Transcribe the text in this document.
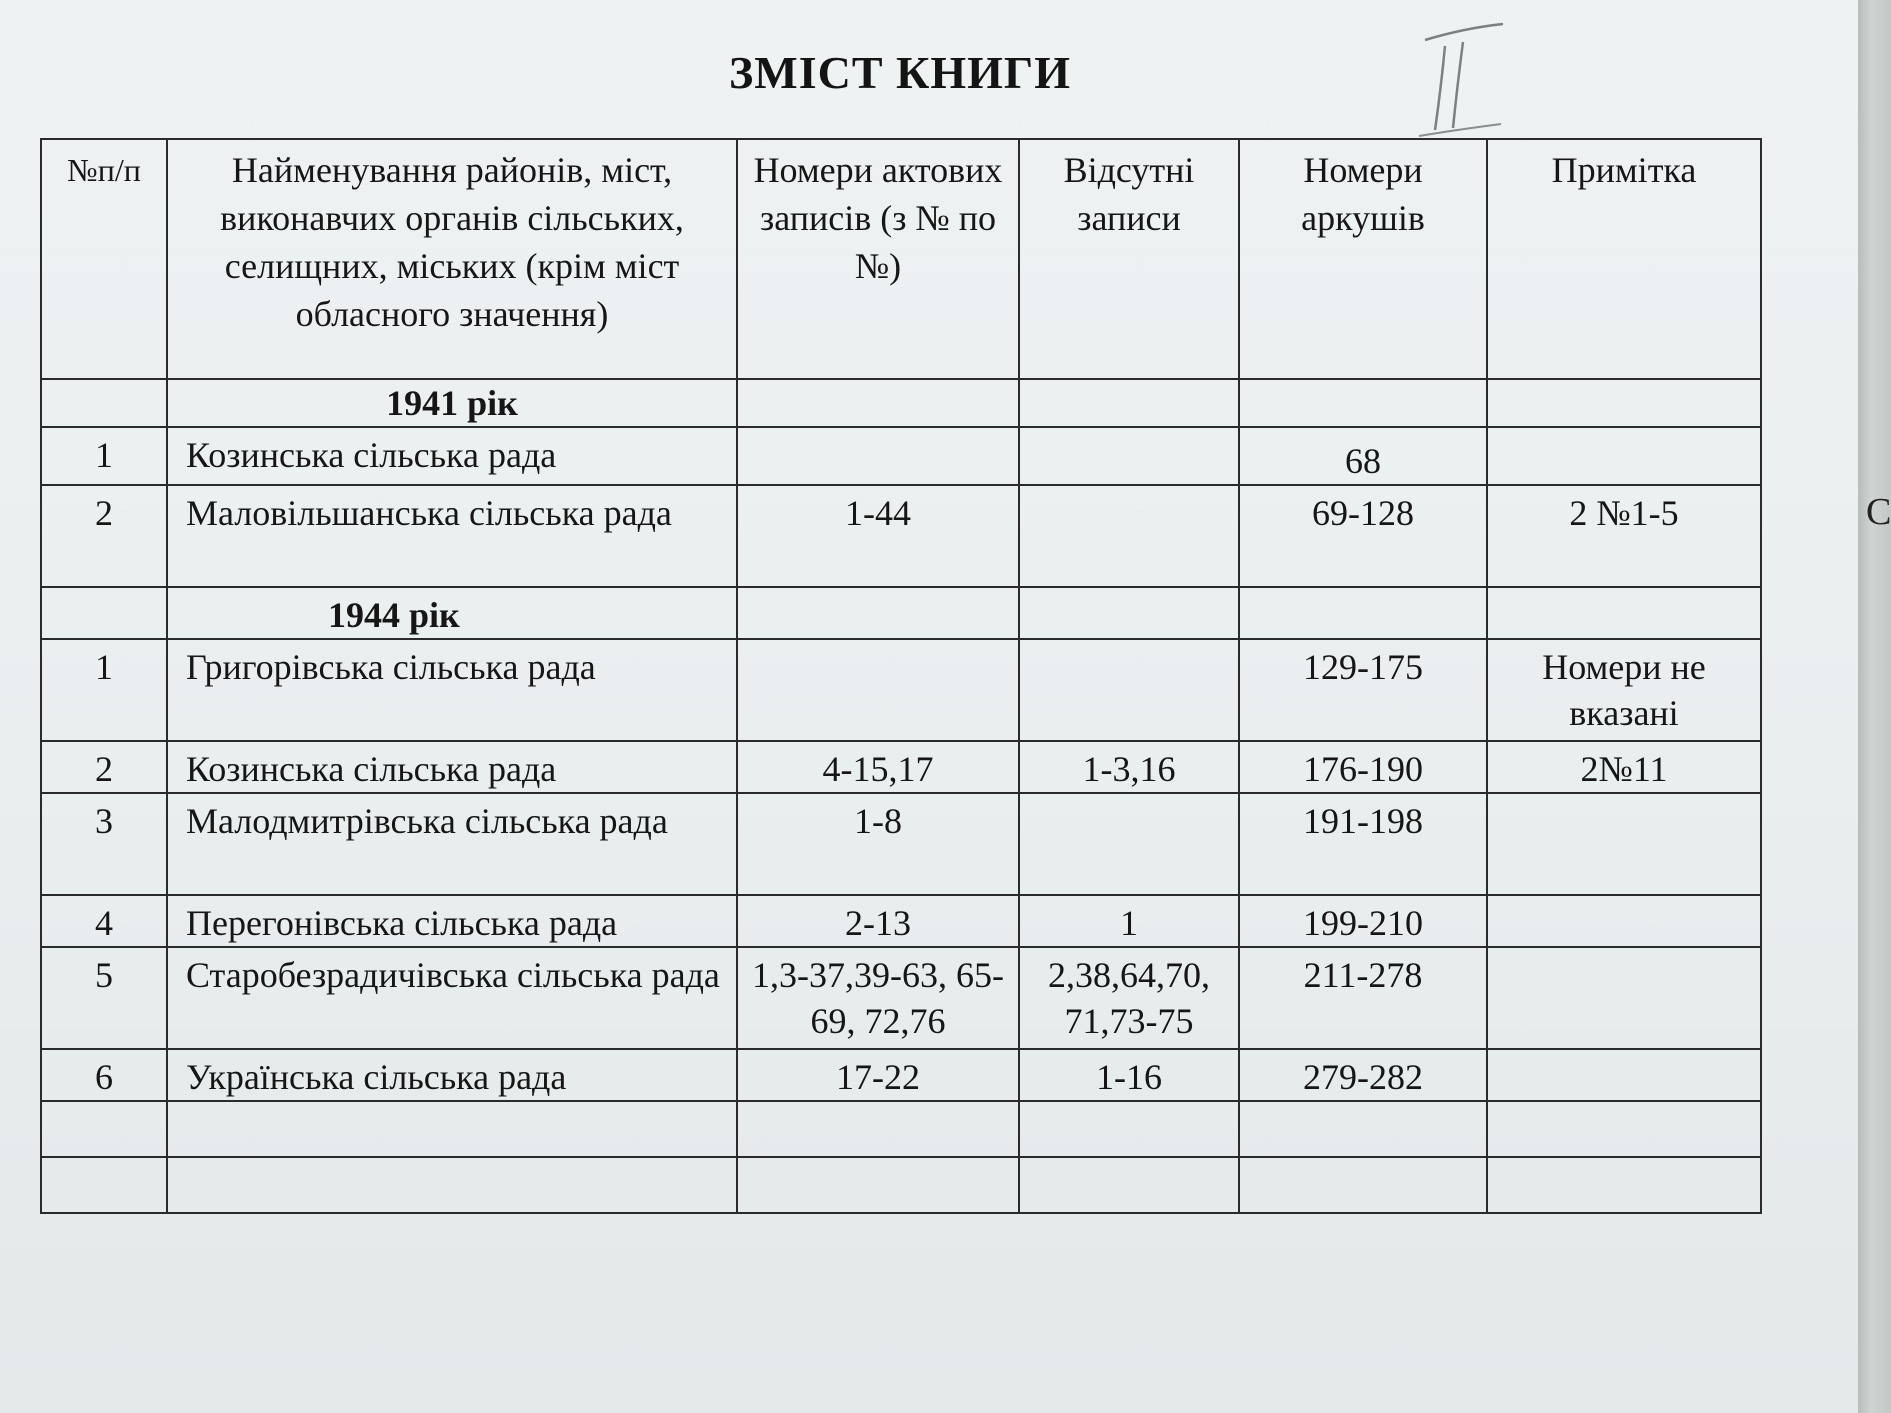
C
ЗМІСТ КНИГИ
№п/п	Найменування районів, міст, виконавчих органів сільських, селищних, міських (крім міст обласного значення)	Номери актових записів (з № по №)	Відсутні записи	Номери аркушів	Примітка
	1941 рік				
1	Козинська сільська рада			68	
2	Маловільшанська сільська рада	1-44		69-128	2 №1-5
	1944 рік				
1	Григорівська сільська рада			129-175	Номери не вказані
2	Козинська сільська рада	4-15,17	1-3,16	176-190	2№11
3	Малодмитрівська сільська рада	1-8		191-198	
4	Перегонівська сільська рада	2-13	1	199-210	
5	Старобезрадичівська сільська рада	1,3-37,39-63, 65-69, 72,76	2,38,64,70, 71,73-75	211-278	
6	Українська сільська рада	17-22	1-16	279-282	
